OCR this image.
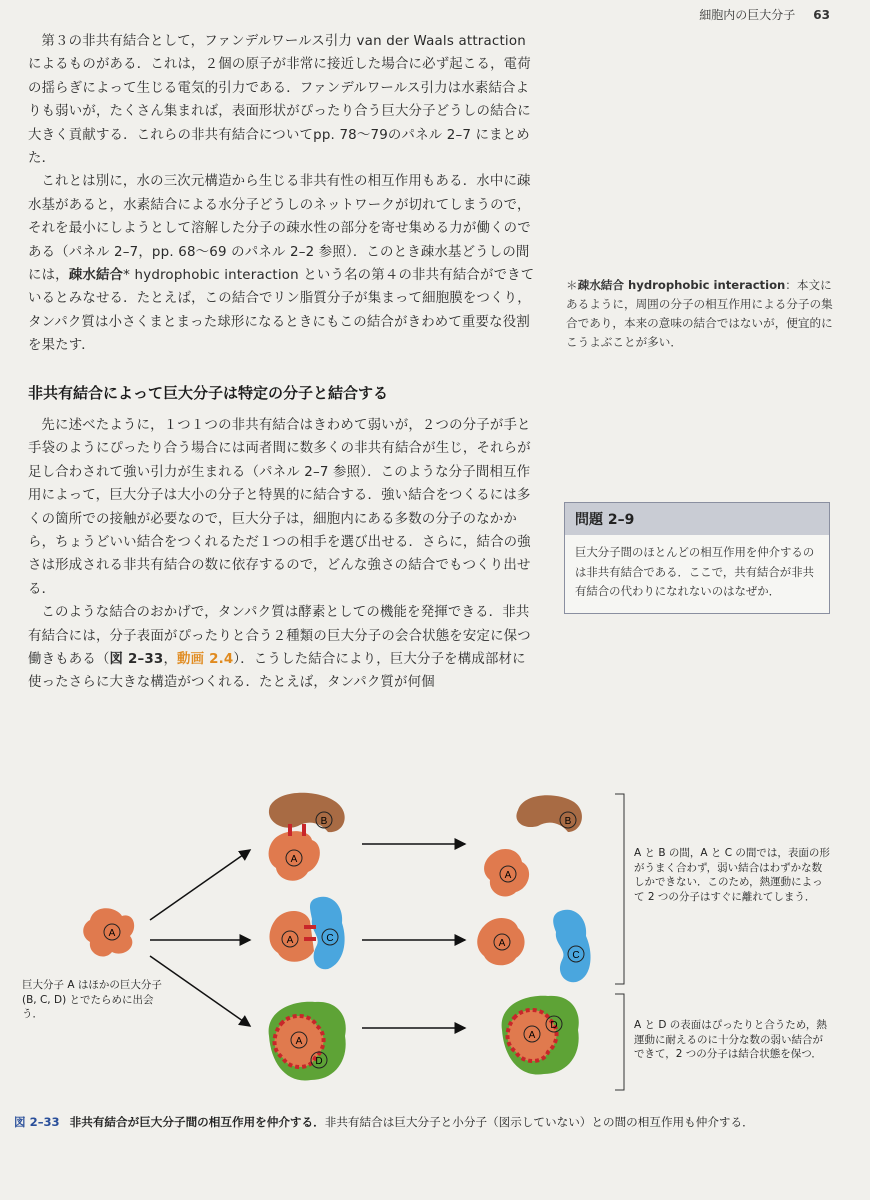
細胞内の巨大分子 63

第３の非共有結合として，ファンデルワールス引力 van der Waals attractionによるものがある．これは，２個の原子が非常に接近した場合に必ず起こる，電荷の揺らぎによって生じる電気的引力である．ファンデルワールス引力は水素結合よりも弱いが，たくさん集まれば，表面形状がぴったり合う巨大分子どうしの結合に大きく貢献する．これらの非共有結合についてpp. 78～79のパネル 2–7 にまとめた．

これとは別に，水の三次元構造から生じる非共有性の相互作用もある．水中に疎水基があると，水素結合による水分子どうしのネットワークが切れてしまうので，それを最小にしようとして溶解した分子の疎水性の部分を寄せ集める力が働くのである（パネル 2–7，pp. 68～69 のパネル 2–2 参照）．このとき疎水基どうしの間には，疎水結合* hydrophobic interaction という名の第４の非共有結合ができているとみなせる．たとえば，この結合でリン脂質分子が集まって細胞膜をつくり，タンパク質は小さくまとまった球形になるときにもこの結合がきわめて重要な役割を果たす．

非共有結合によって巨大分子は特定の分子と結合する

先に述べたように，１つ１つの非共有結合はきわめて弱いが，２つの分子が手と手袋のようにぴったり合う場合には両者間に数多くの非共有結合が生じ，それらが足し合わされて強い引力が生まれる（パネル 2–7 参照）．このような分子間相互作用によって，巨大分子は大小の分子と特異的に結合する．強い結合をつくるには多くの箇所での接触が必要なので，巨大分子は，細胞内にある多数の分子のなかから，ちょうどいい結合をつくれるただ１つの相手を選び出せる．さらに，結合の強さは形成される非共有結合の数に依存するので，どんな強さの結合でもつくり出せる．

このような結合のおかげで，タンパク質は酵素としての機能を発揮できる．非共有結合には，分子表面がぴったりと合う２種類の巨大分子の会合状態を安定に保つ働きもある（図 2–33，動画 2.4）．こうした結合により，巨大分子を構成部材に使ったさらに大きな構造がつくれる．たとえば，タンパク質が何個

＊疎水結合 hydrophobic interaction：本文にあるように，周囲の分子の相互作用による分子の集合であり，本来の意味の結合ではないが，便宜的にこうよぶことが多い．
問題 2–9
巨大分子間のほとんどの相互作用を仲介するのは非共有結合である．ここで，共有結合が非共有結合の代わりになれないのはなぜか．
A
B
A
A	C
A
D
B
A
A
C
A
D
巨大分子 A はほかの巨大分子 (B, C, D) とでたらめに出会う．
A と B の間，A と C の間では，表面の形がうまく合わず，弱い結合はわずかな数しかできない．このため，熱運動によって 2 つの分子はすぐに離れてしまう．
A と D の表面はぴったりと合うため，熱運動に耐えるのに十分な数の弱い結合ができて，2 つの分子は結合状態を保つ．
図 2–33 非共有結合が巨大分子間の相互作用を仲介する．非共有結合は巨大分子と小分子（図示していない）との間の相互作用も仲介する．
